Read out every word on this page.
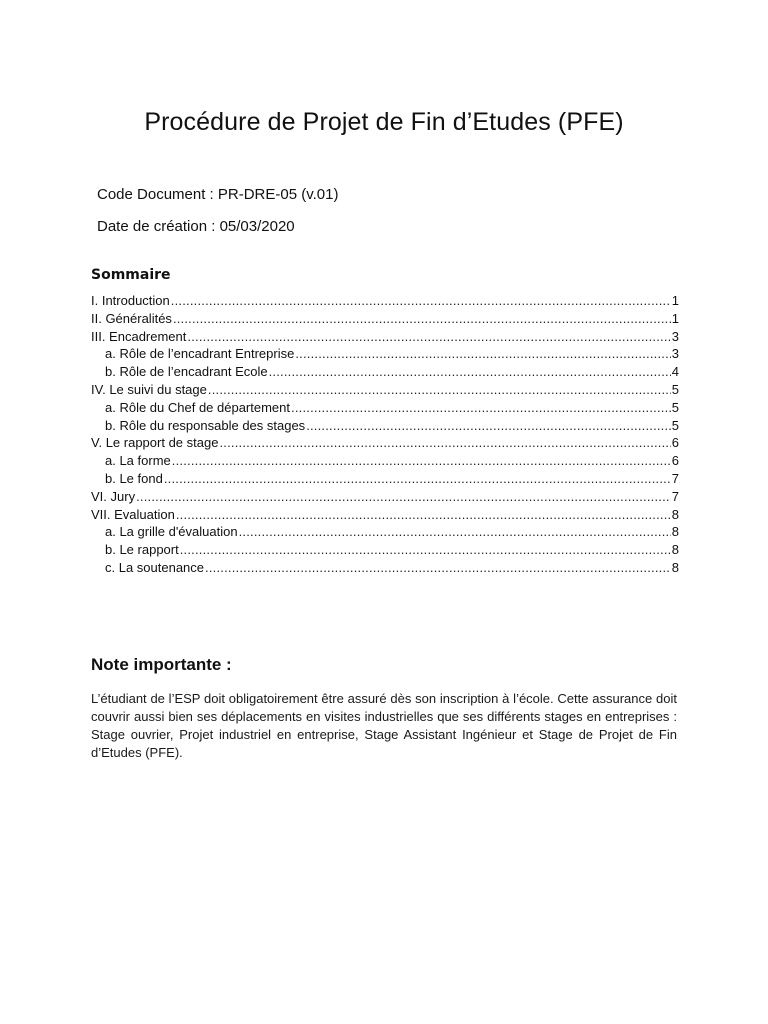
Procédure de Projet de Fin d’Etudes (PFE)

Code Document : PR-DRE-05 (v.01)

Date de création : 05/03/2020

Sommaire
I. Introduction .....	1
II. Généralités .....	1
III. Encadrement .....	3
a. Rôle de l’encadrant Entreprise .....	3
b. Rôle de l’encadrant Ecole .....	4
IV. Le suivi du stage .....	5
a. Rôle du Chef de département .....	5
b. Rôle du responsable des stages .....	5
V. Le rapport de stage .....	6
a. La forme .....	6
b. Le fond .....	7
VI. Jury .....	7
VII. Evaluation .....	8
a. La grille d'évaluation .....	8
b. Le rapport .....	8
c. La soutenance .....	8
Note importante :

L’étudiant de l’ESP doit obligatoirement être assuré dès son inscription à l’école. Cette assurance doit couvrir aussi bien ses déplacements en visites industrielles que ses différents stages en entreprises : Stage ouvrier, Projet industriel en entreprise, Stage Assistant Ingénieur et Stage de Projet de Fin d’Etudes (PFE).
